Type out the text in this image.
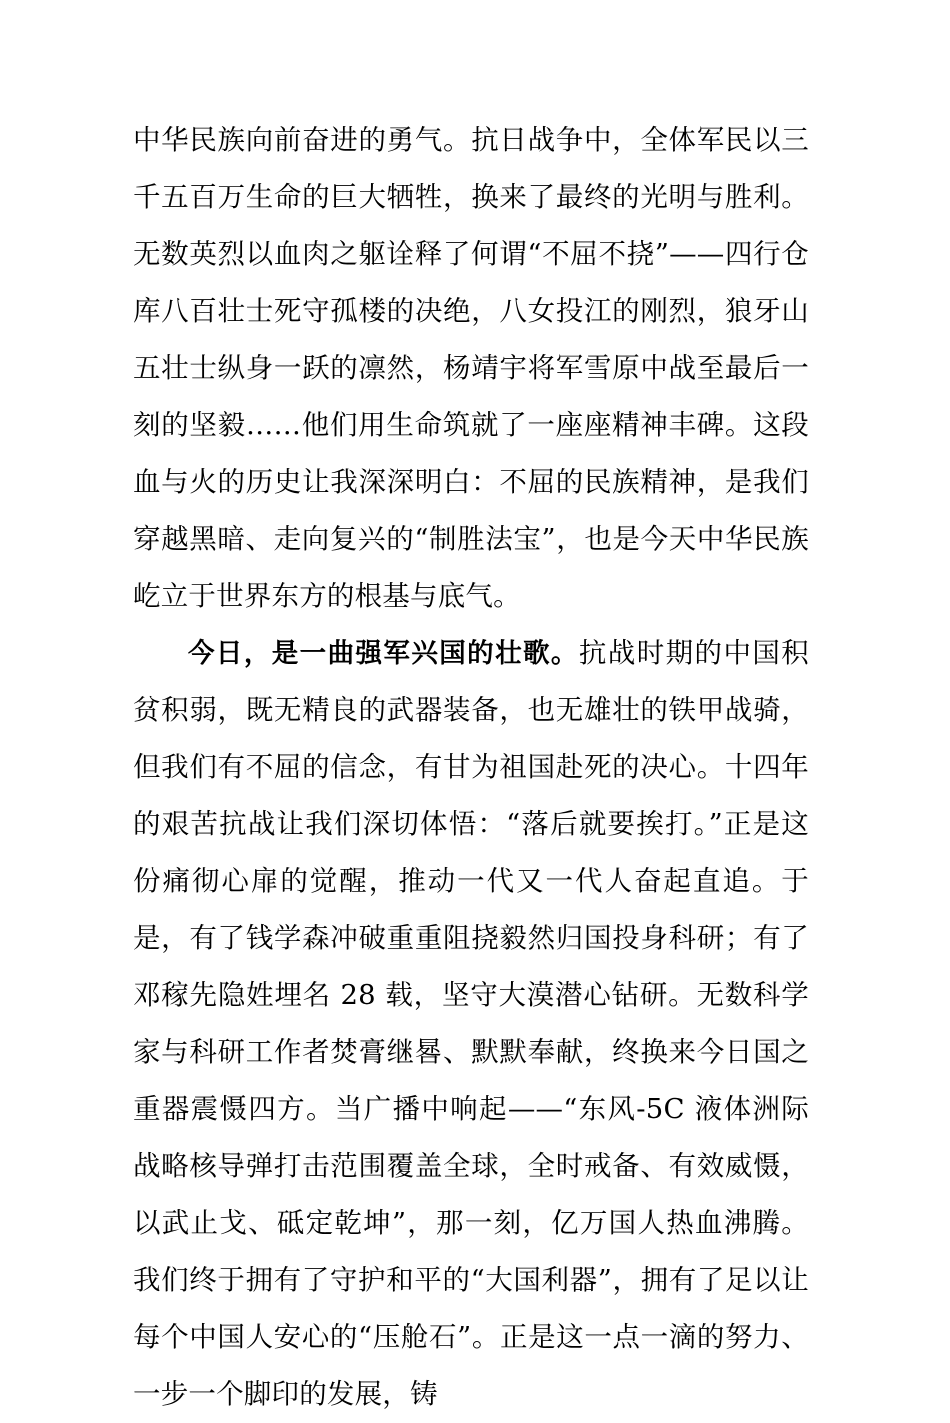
中华民族向前奋进的勇气。抗日战争中，全体军民以三千五百万生命的巨大牺牲，换来了最终的光明与胜利。无数英烈以血肉之躯诠释了何谓“不屈不挠”——四行仓库八百壮士死守孤楼的决绝，八女投江的刚烈，狼牙山五壮士纵身一跃的凛然，杨靖宇将军雪原中战至最后一刻的坚毅……他们用生命筑就了一座座精神丰碑。这段血与火的历史让我深深明白：不屈的民族精神，是我们穿越黑暗、走向复兴的“制胜法宝”，也是今天中华民族屹立于世界东方的根基与底气。

今日，是一曲强军兴国的壮歌。抗战时期的中国积贫积弱，既无精良的武器装备，也无雄壮的铁甲战骑，但我们有不屈的信念，有甘为祖国赴死的决心。十四年的艰苦抗战让我们深切体悟：“落后就要挨打。”正是这份痛彻心扉的觉醒，推动一代又一代人奋起直追。于是，有了钱学森冲破重重阻挠毅然归国投身科研；有了邓稼先隐姓埋名 28 载，坚守大漠潜心钻研。无数科学家与科研工作者焚膏继晷、默默奉献，终换来今日国之重器震慑四方。当广播中响起——“东风-5C 液体洲际战略核导弹打击范围覆盖全球，全时戒备、有效威慑，以武止戈、砥定乾坤”，那一刻，亿万国人热血沸腾。我们终于拥有了守护和平的“大国利器”，拥有了足以让每个中国人安心的“压舱石”。正是这一点一滴的努力、一步一个脚印的发展，铸
